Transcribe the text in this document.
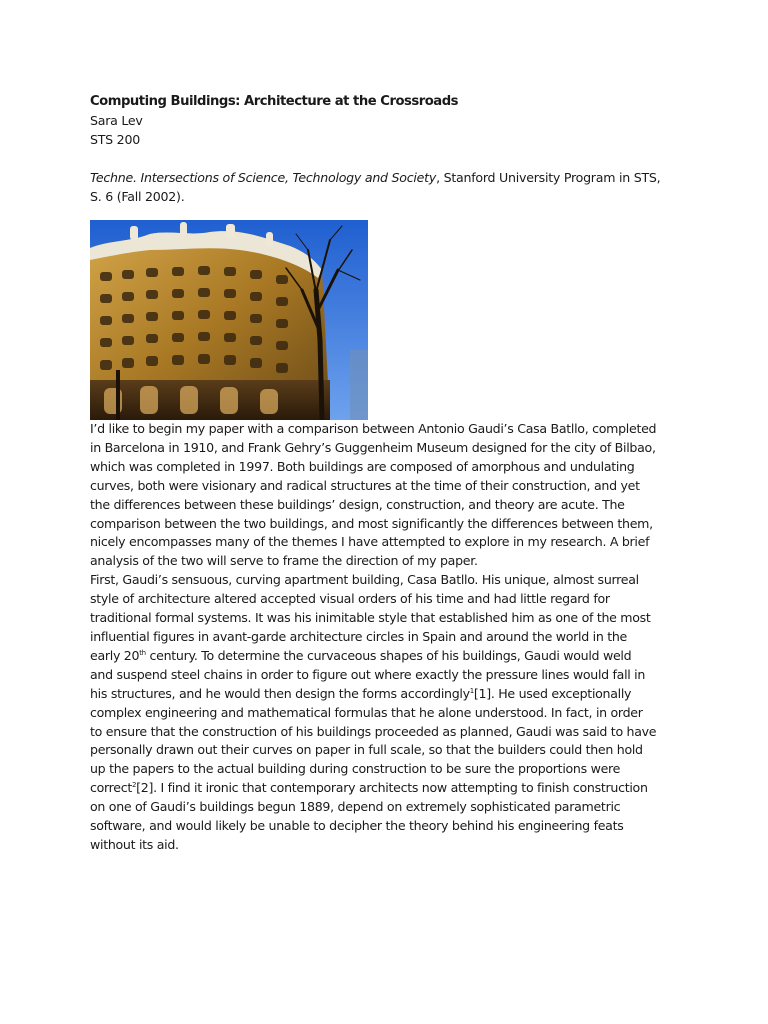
Computing Buildings: Architecture at the Crossroads

Sara Lev

STS 200

Techne. Intersections of Science, Technology and Society, Stanford University Program in STS,

S. 6 (Fall 2002).

I’d like to begin my paper with a comparison between Antonio Gaudi’s Casa Batllo, completed

in Barcelona in 1910, and Frank Gehry’s Guggenheim Museum designed for the city of Bilbao,

which was completed in 1997. Both buildings are composed of amorphous and undulating

curves, both were visionary and radical structures at the time of their construction, and yet

the differences between these buildings’ design, construction, and theory are acute. The

comparison between the two buildings, and most significantly the differences between them,

nicely encompasses many of the themes I have attempted to explore in my research. A brief

analysis of the two will serve to frame the direction of my paper.

First, Gaudi’s sensuous, curving apartment building, Casa Batllo. His unique, almost surreal

style of architecture altered accepted visual orders of his time and had little regard for

traditional formal systems. It was his inimitable style that established him as one of the most

influential figures in avant-garde architecture circles in Spain and around the world in the

early 20th century. To determine the curvaceous shapes of his buildings, Gaudi would weld

and suspend steel chains in order to figure out where exactly the pressure lines would fall in

his structures, and he would then design the forms accordingly$^1$[1]. He used exceptionally

complex engineering and mathematical formulas that he alone understood. In fact, in order

to ensure that the construction of his buildings proceeded as planned, Gaudi was said to have

personally drawn out their curves on paper in full scale, so that the builders could then hold

up the papers to the actual building during construction to be sure the proportions were

correct$^2$[2]. I find it ironic that contemporary architects now attempting to finish construction

on one of Gaudi’s buildings begun 1889, depend on extremely sophisticated parametric

software, and would likely be unable to decipher the theory behind his engineering feats

without its aid.
